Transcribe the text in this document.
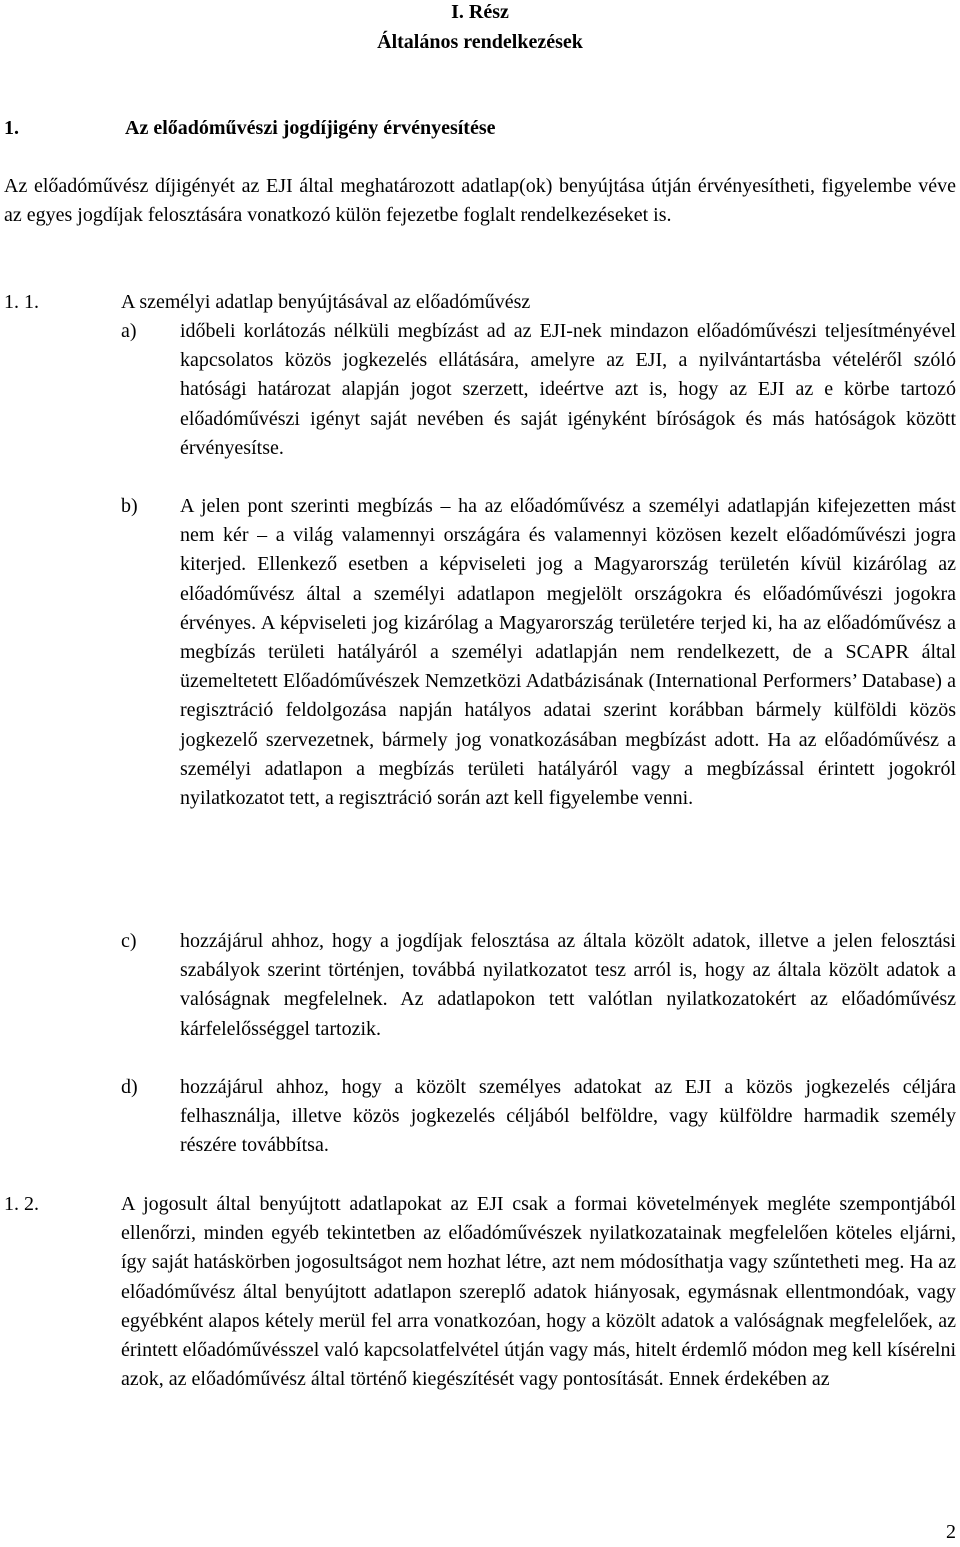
I. Rész
Általános rendelkezések
1.	Az előadóművészi jogdíjigény érvényesítése

Az előadóművész díjigényét az EJI által meghatározott adatlap(ok) benyújtása útján érvényesítheti, figyelembe véve az egyes jogdíjak felosztására vonatkozó külön fejezetbe foglalt rendelkezéseket is.

1. 1.	A személyi adatlap benyújtásával az előadóművész
a) időbeli korlátozás nélküli megbízást ad az EJI-nek mindazon előadóművészi teljesítményével kapcsolatos közös jogkezelés ellátására, amelyre az EJI, a nyilvántartásba vételéről szóló hatósági határozat alapján jogot szerzett, ideértve azt is, hogy az EJI az e körbe tartozó előadóművészi igényt saját nevében és saját igényként bíróságok és más hatóságok között érvényesítse.

b) A jelen pont szerinti megbízás – ha az előadóművész a személyi adatlapján kifejezetten mást nem kér – a világ valamennyi országára és valamennyi közösen kezelt előadóművészi jogra kiterjed. Ellenkező esetben a képviseleti jog a Magyarország területén kívül kizárólag az előadóművész által a személyi adatlapon megjelölt országokra és előadóművészi jogokra érvényes. A képviseleti jog kizárólag a Magyarország területére terjed ki, ha az előadóművész a megbízás területi hatályáról a személyi adatlapján nem rendelkezett, de a SCAPR által üzemeltetett Előadóművészek Nemzetközi Adatbázisának (International Performers’ Database) a regisztráció feldolgozása napján hatályos adatai szerint korábban bármely külföldi közös jogkezelő szervezetnek, bármely jog vonatkozásában megbízást adott. Ha az előadóművész a személyi adatlapon a megbízás területi hatályáról vagy a megbízással érintett jogokról nyilatkozatot tett, a regisztráció során azt kell figyelembe venni.

c) hozzájárul ahhoz, hogy a jogdíjak felosztása az általa közölt adatok, illetve a jelen felosztási szabályok szerint történjen, továbbá nyilatkozatot tesz arról is, hogy az általa közölt adatok a valóságnak megfelelnek. Az adatlapokon tett valótlan nyilatkozatokért az előadóművész kárfelelősséggel tartozik.

d) hozzájárul ahhoz, hogy a közölt személyes adatokat az EJI a közös jogkezelés céljára felhasználja, illetve közös jogkezelés céljából belföldre, vagy külföldre harmadik személy részére továbbítsa.

1. 2.	A jogosult által benyújtott adatlapokat az EJI csak a formai követelmények megléte szempontjából ellenőrzi, minden egyéb tekintetben az előadóművészek nyilatkozatainak megfelelően köteles eljárni, így saját hatáskörben jogosultságot nem hozhat létre, azt nem módosíthatja vagy szűntetheti meg. Ha az előadóművész által benyújtott adatlapon szereplő adatok hiányosak, egymásnak ellentmondóak, vagy egyébként alapos kétely merül fel arra vonatkozóan, hogy a közölt adatok a valóságnak megfelelőek, az érintett előadóművésszel való kapcsolatfelvétel útján vagy más, hitelt érdemlő módon meg kell kísérelni azok, az előadóművész által történő kiegészítését vagy pontosítását. Ennek érdekében az

2
